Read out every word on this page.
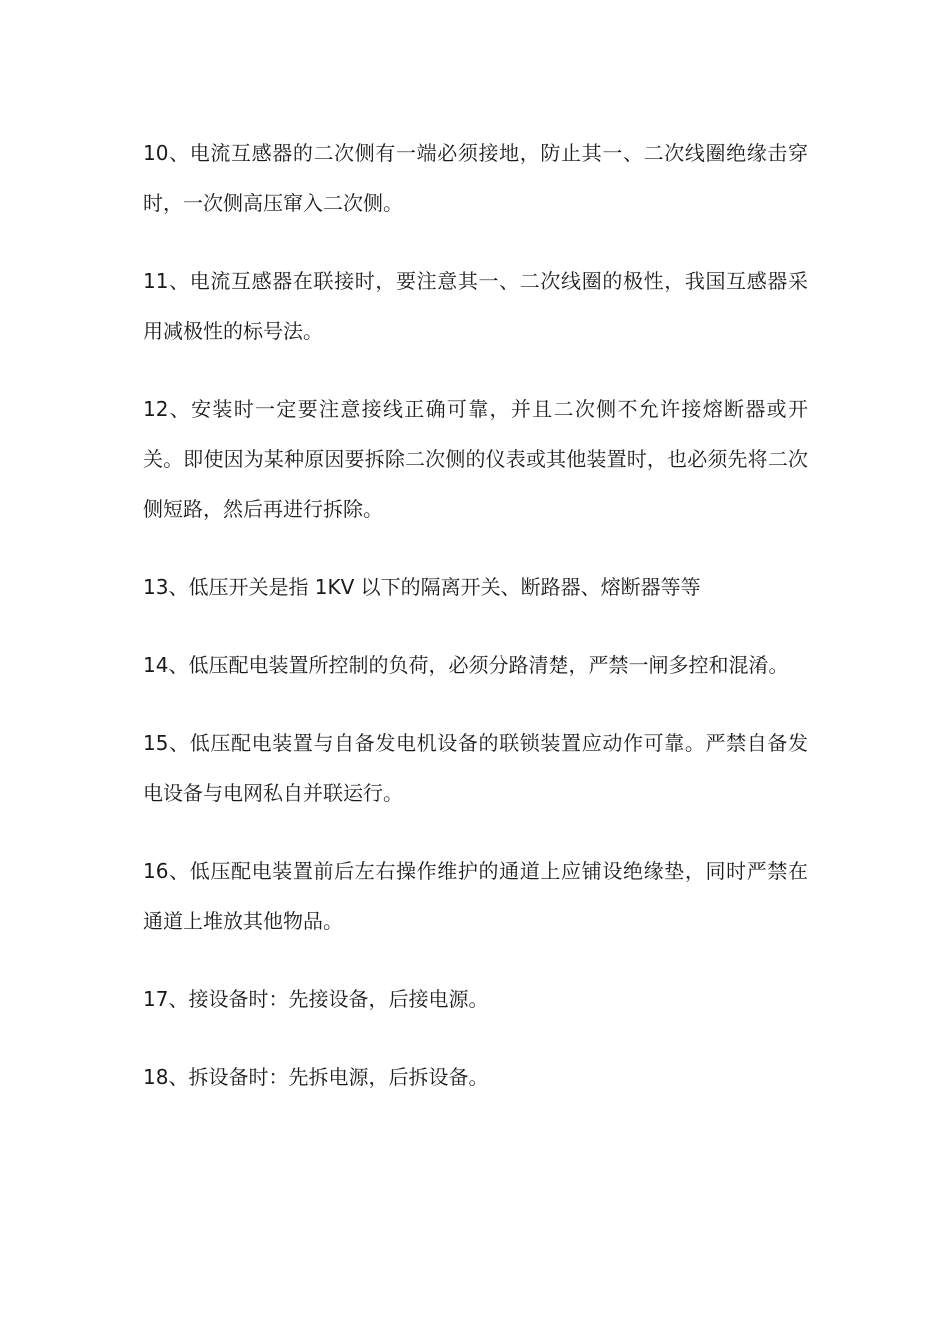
10、电流互感器的二次侧有一端必须接地，防止其一、二次线圈绝缘击穿时，一次侧高压窜入二次侧。

11、电流互感器在联接时，要注意其一、二次线圈的极性，我国互感器采用减极性的标号法。

12、安装时一定要注意接线正确可靠，并且二次侧不允许接熔断器或开关。即使因为某种原因要拆除二次侧的仪表或其他装置时，也必须先将二次侧短路，然后再进行拆除。

13、低压开关是指 1KV 以下的隔离开关、断路器、熔断器等等

14、低压配电装置所控制的负荷，必须分路清楚，严禁一闸多控和混淆。

15、低压配电装置与自备发电机设备的联锁装置应动作可靠。严禁自备发电设备与电网私自并联运行。

16、低压配电装置前后左右操作维护的通道上应铺设绝缘垫，同时严禁在通道上堆放其他物品。

17、接设备时：先接设备，后接电源。

18、拆设备时：先拆电源，后拆设备。
